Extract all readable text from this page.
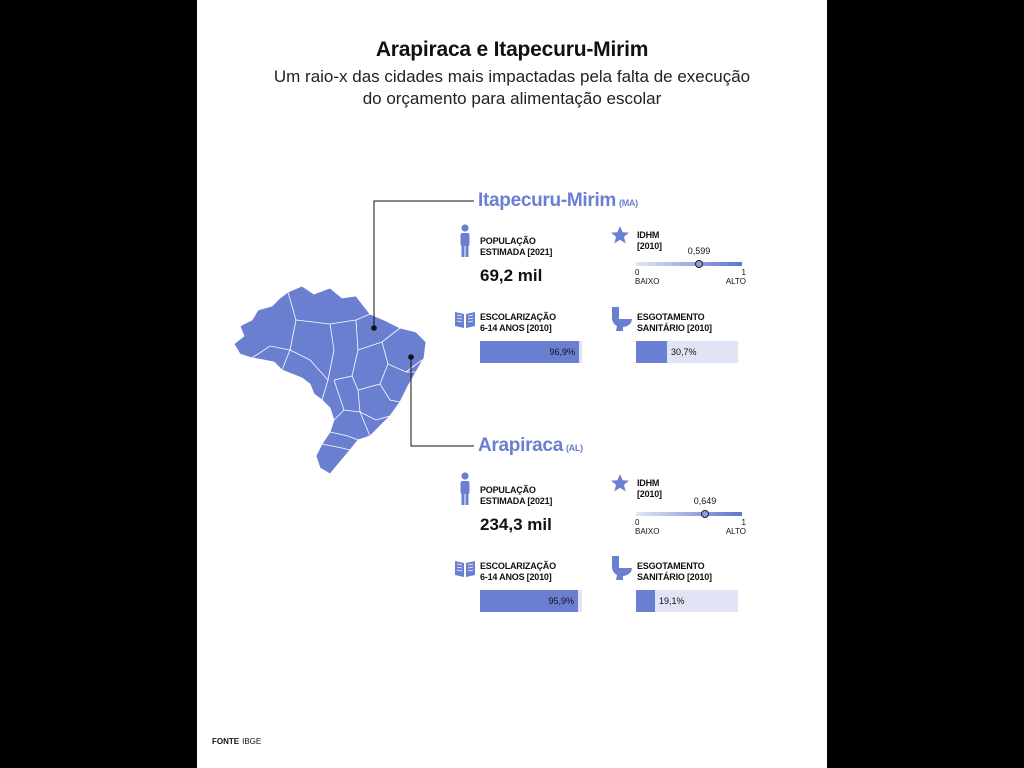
Arapiraca e Itapecuru-Mirim
Um raio-x das cidades mais impactadas pela falta de execução
do orçamento para alimentação escolar
Itapecuru-Mirim (MA)
POPULAÇÃO
ESTIMADA [2021]
69,2 mil
IDHM
[2010]	0,599
0
BAIXO
1
ALTO
ESCOLARIZAÇÃO
6-14 ANOS [2010]
96,9%
ESGOTAMENTO
SANITÁRIO [2010]
30,7%
Arapiraca (AL)
POPULAÇÃO
ESTIMADA [2021]
234,3 mil
IDHM
[2010]
0,649
0
BAIXO
1
ALTO
ESCOLARIZAÇÃO
6-14 ANOS [2010]
95,9%
ESGOTAMENTO
SANITÁRIO [2010]
19,1%
FONTE IBGE
